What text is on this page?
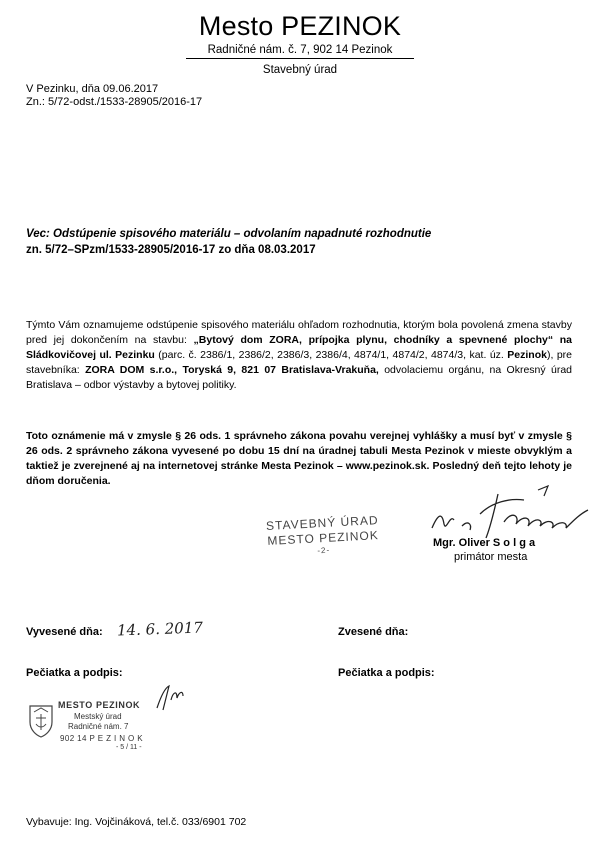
Mesto PEZINOK
Radničné nám. č. 7, 902 14 Pezinok
Stavebný úrad
V Pezinku, dňa 09.06.2017
Zn.: 5/72-odst./1533-28905/2016-17
Vec: Odstúpenie spisového materiálu – odvolaním napadnuté rozhodnutie
zn. 5/72–SPzm/1533-28905/2016-17 zo dňa 08.03.2017
Týmto Vám oznamujeme odstúpenie spisového materiálu ohľadom rozhodnutia, ktorým bola povolená zmena stavby pred jej dokončením na stavbu: „Bytový dom ZORA, prípojka plynu, chodníky a spevnené plochy“ na Sládkovičovej ul. Pezinku (parc. č. 2386/1, 2386/2, 2386/3, 2386/4, 4874/1, 4874/2, 4874/3, kat. úz. Pezinok), pre stavebníka: ZORA DOM s.r.o., Toryská 9, 821 07 Bratislava-Vrakuňa, odvolaciemu orgánu, na Okresný úrad Bratislava – odbor výstavby a bytovej politiky.
Toto oznámenie má v zmysle § 26 ods. 1 správneho zákona povahu verejnej vyhlášky a musí byť v zmysle § 26 ods. 2 správneho zákona vyvesené po dobu 15 dní na úradnej tabuli Mesta Pezinok v mieste obvyklým a taktiež je zverejnené aj na internetovej stránke Mesta Pezinok – www.pezinok.sk. Posledný deň tejto lehoty je dňom doručenia.
STAVEBNÝ ÚRAD
MESTO PEZINOK
-2-
Mgr. Oliver S o l g a
primátor mesta
Vyvesené dňa: 14. 6. 2017	Zvesené dňa:
Pečiatka a podpis:	Pečiatka a podpis:
MESTO PEZINOK
Mestský úrad
Radničné nám. 7
902 14 P E Z I N O K
- 5 / 11 -
Vybavuje: Ing. Vojčináková, tel.č. 033/6901 702
